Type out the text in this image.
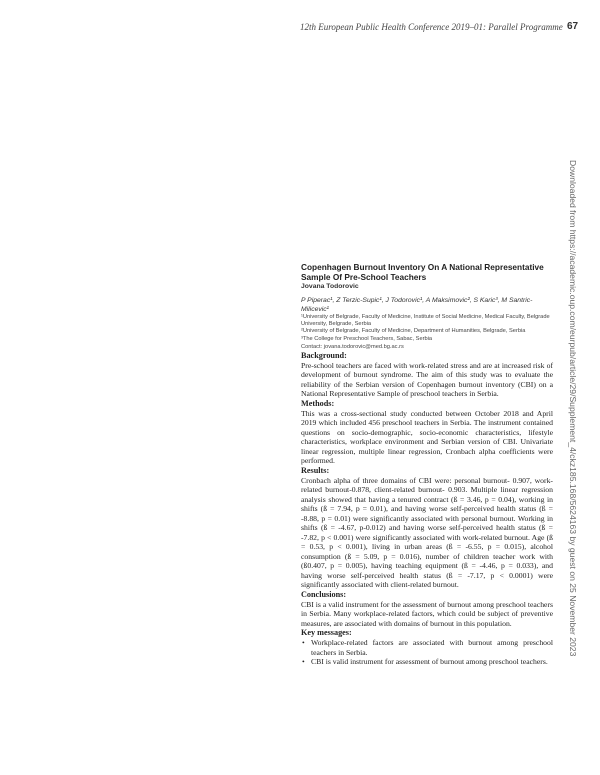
12th European Public Health Conference 2019–01: Parallel Programme 67
Downloaded from https://academic.oup.com/eurpub/article/29/Supplement_4/ckz185.168/5624163 by guest on 25 November 2023

Copenhagen Burnout Inventory On A National Representative Sample Of Pre-School Teachers

Jovana Todorovic

P Piperac¹, Z Terzic-Supic¹, J Todorovic¹, A Maksimovic², S Karic³, M Santric-Milicevic¹

¹University of Belgrade, Faculty of Medicine, Institute of Social Medicine, Medical Faculty, Belgrade University, Belgrade, Serbia

²University of Belgrade, Faculty of Medicine, Department of Humanities, Belgrade, Serbia

³The College for Preschool Teachers, Sabac, Serbia

Contact: jovana.todorovic@med.bg.ac.rs

Background:

Pre-school teachers are faced with work-related stress and are at increased risk of development of burnout syndrome. The aim of this study was to evaluate the reliability of the Serbian version of Copenhagen burnout inventory (CBI) on a National Representative Sample of preschool teachers in Serbia.

Methods:

This was a cross-sectional study conducted between October 2018 and April 2019 which included 456 preschool teachers in Serbia. The instrument contained questions on socio-demographic, socio-economic characteristics, lifestyle characteristics, workplace environment and Serbian version of CBI. Univariate linear regression, multiple linear regression, Cronbach alpha coefficients were performed.

Results:

Cronbach alpha of three domains of CBI were: personal burnout- 0.907, work-related burnout-0.878, client-related burnout- 0.903. Multiple linear regression analysis showed that having a tenured contract (ß = 3.46, p = 0.04), working in shifts (ß = 7.94, p = 0.01), and having worse self-perceived health status (ß = -8.88, p = 0.01) were significantly associated with personal burnout. Working in shifts (ß = -4.67, p-0.012) and having worse self-perceived health status (ß = -7.82, p < 0.001) were significantly associated with work-related burnout. Age (ß = 0.53, p < 0.001), living in urban areas (ß = -6.55, p = 0.015), alcohol consumption (ß = 5.09, p = 0.016), number of children teacher work with (ß0.407, p = 0.005), having teaching equipment (ß = -4.46, p = 0.033), and having worse self-perceived health status (ß = -7.17, p < 0.0001) were significantly associated with client-related burnout.

Conclusions:

CBI is a valid instrument for the assessment of burnout among preschool teachers in Serbia. Many workplace-related factors, which could be subject of preventive measures, are associated with domains of burnout in this population.

Key messages:

• Workplace-related factors are associated with burnout among preschool teachers in Serbia.
• CBI is valid instrument for assessment of burnout among preschool teachers.
